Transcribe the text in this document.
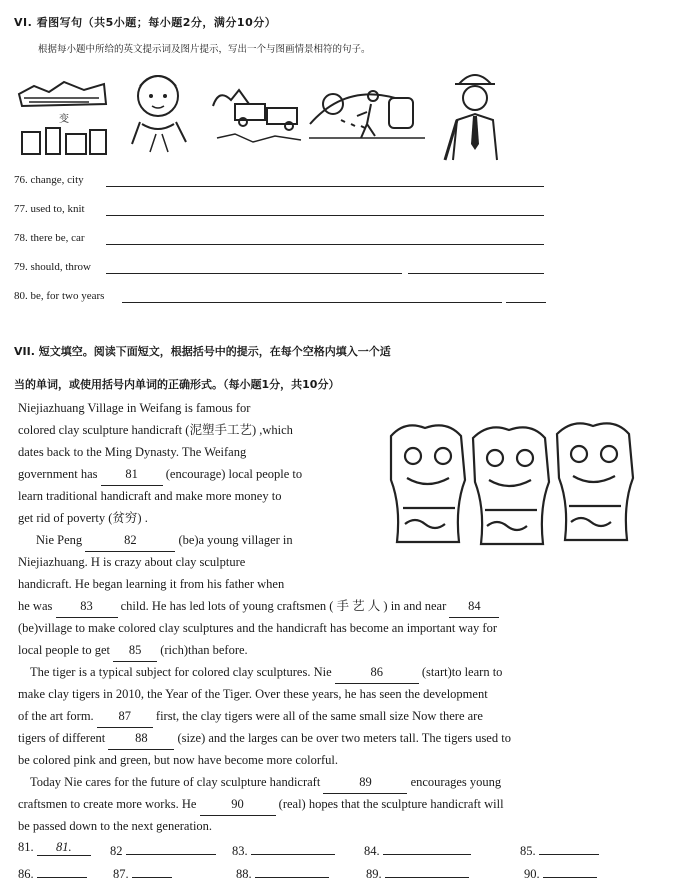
VI. 看图写句（共5小题；每小题2分，满分10分）
根据每小题中所给的英文提示词及图片提示，写出一个与图画情景相符的句子。
变
76. change, city
77. used to, knit
78. there be, car
79. should, throw
80. be, for two years
VII. 短文填空。阅读下面短文，根据括号中的提示，在每个空格内填入一个适
当的单词，或使用括号内单词的正确形式。（每小题1分，共10分）
Niejiazhuang Village in Weifang is famous for
colored clay sculpture handicraft (泥塑手工艺) ,which
dates back to the Ming Dynasty. The Weifang
government has 81 (encourage) local people to
learn traditional handicraft and make more money to
get rid of poverty (贫穷) .
Nie Peng	82	(be)a young villager in
Niejiazhuang. H is crazy about clay sculpture
handicraft. He began learning it from his father when
he was 83 child. He has led lots of young craftsmen ( 手 艺 人 ) in and near 84
(be)village to make colored clay sculptures and the handicraft has become an important way for
local people to get 85 (rich)than before.
The tiger is a typical subject for colored clay sculptures. Nie	86	(start)to learn to
make clay tigers in 2010, the Year of the Tiger. Over these years, he has seen the development
of the art form. 87 first, the clay tigers were all of the same small size Now there are
tigers of different 88 (size) and the larges can be over two meters tall. The tigers used to
be colored pink and green, but now have become more colorful.
Today Nie cares for the future of clay sculpture handicraft	89	encourages young
craftsmen to create more works. He	90	(real) hopes that the sculpture handicraft will
be passed down to the next generation.
81. 81.	82	83.	84.	85.
86.	87.	88.	89.	90.
